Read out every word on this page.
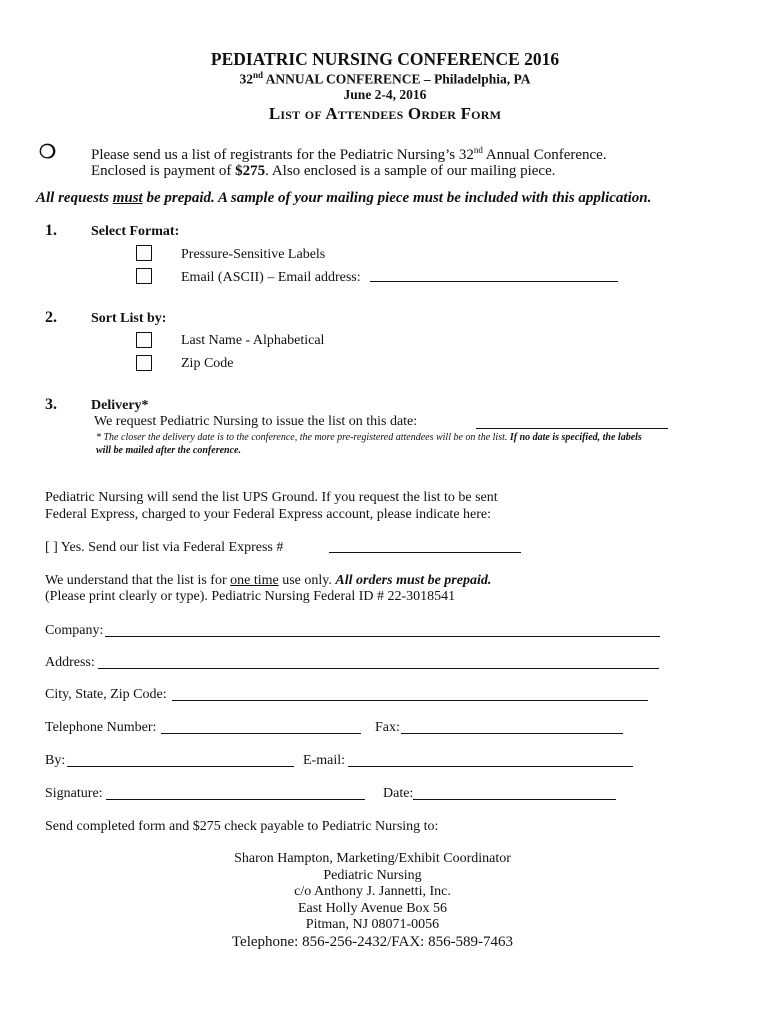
PEDIATRIC NURSING CONFERENCE 2016
32nd ANNUAL CONFERENCE – Philadelphia, PA
June 2-4, 2016
List of Attendees Order Form
❍ Please send us a list of registrants for the Pediatric Nursing’s 32nd Annual Conference.
Enclosed is payment of $275. Also enclosed is a sample of our mailing piece.
All requests must be prepaid. A sample of your mailing piece must be included with this application.
1. Select Format:
Pressure-Sensitive Labels
Email (ASCII) – Email address:
2. Sort List by:
Last Name - Alphabetical
Zip Code
3. Delivery*
We request Pediatric Nursing to issue the list on this date:
* The closer the delivery date is to the conference, the more pre-registered attendees will be on the list. If no date is specified, the labels
will be mailed after the conference.
Pediatric Nursing will send the list UPS Ground. If you request the list to be sent
Federal Express, charged to your Federal Express account, please indicate here:
[ ] Yes. Send our list via Federal Express #
We understand that the list is for one time use only. All orders must be prepaid.
(Please print clearly or type). Pediatric Nursing Federal ID # 22-3018541
Company:
Address:
City, State, Zip Code:
Telephone Number:	Fax:
By:	E-mail:
Signature:	Date:
Send completed form and $275 check payable to Pediatric Nursing to:
Sharon Hampton, Marketing/Exhibit Coordinator
Pediatric Nursing
c/o Anthony J. Jannetti, Inc.
East Holly Avenue Box 56
Pitman, NJ 08071-0056
Telephone: 856-256-2432/FAX: 856-589-7463
